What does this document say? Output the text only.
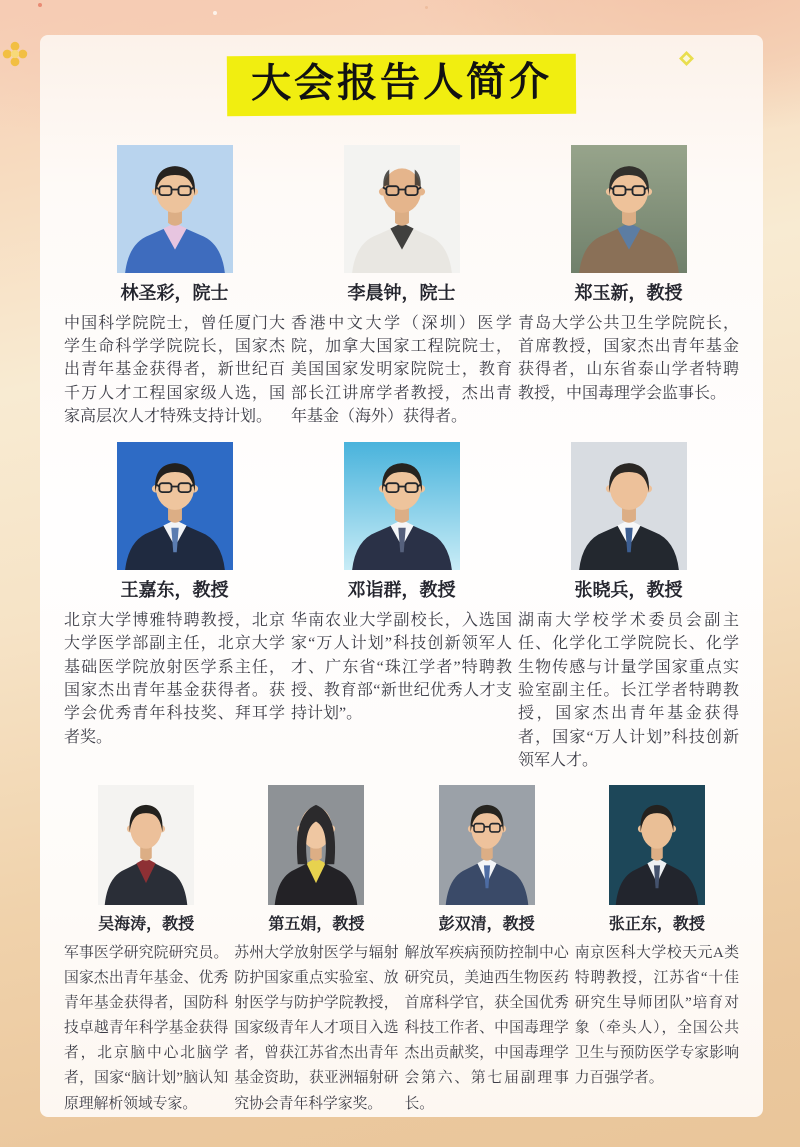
大会报告人简介
林圣彩，院士
中国科学院院士，曾任厦门大学生命科学学院院长，国家杰出青年基金获得者，新世纪百千万人才工程国家级人选，国家高层次人才特殊支持计划。
李晨钟，院士
香港中文大学（深圳）医学院，加拿大国家工程院院士，美国国家发明家院院士，教育部长江讲席学者教授，杰出青年基金（海外）获得者。
郑玉新，教授
青岛大学公共卫生学院院长，首席教授，国家杰出青年基金获得者，山东省泰山学者特聘教授，中国毒理学会监事长。
王嘉东，教授
北京大学博雅特聘教授，北京大学医学部副主任，北京大学基础医学院放射医学系主任，国家杰出青年基金获得者。获学会优秀青年科技奖、拜耳学者奖。
邓诣群，教授
华南农业大学副校长，入选国家“万人计划”科技创新领军人才、广东省“珠江学者”特聘教授、教育部“新世纪优秀人才支持计划”。
张晓兵，教授
湖南大学校学术委员会副主任、化学化工学院院长、化学生物传感与计量学国家重点实验室副主任。长江学者特聘教授，国家杰出青年基金获得者，国家“万人计划”科技创新领军人才。
吴海涛，教授
军事医学研究院研究员。国家杰出青年基金、优秀青年基金获得者，国防科技卓越青年科学基金获得者，北京脑中心北脑学者，国家“脑计划”脑认知原理解析领域专家。
第五娟，教授
苏州大学放射医学与辐射防护国家重点实验室、放射医学与防护学院教授，国家级青年人才项目入选者，曾获江苏省杰出青年基金资助，获亚洲辐射研究协会青年科学家奖。
彭双清，教授
解放军疾病预防控制中心研究员，美迪西生物医药首席科学官，获全国优秀科技工作者、中国毒理学杰出贡献奖，中国毒理学会第六、第七届副理事长。
张正东，教授
南京医科大学校天元A类特聘教授，江苏省“十佳研究生导师团队”培育对象（牵头人），全国公共卫生与预防医学专家影响力百强学者。
